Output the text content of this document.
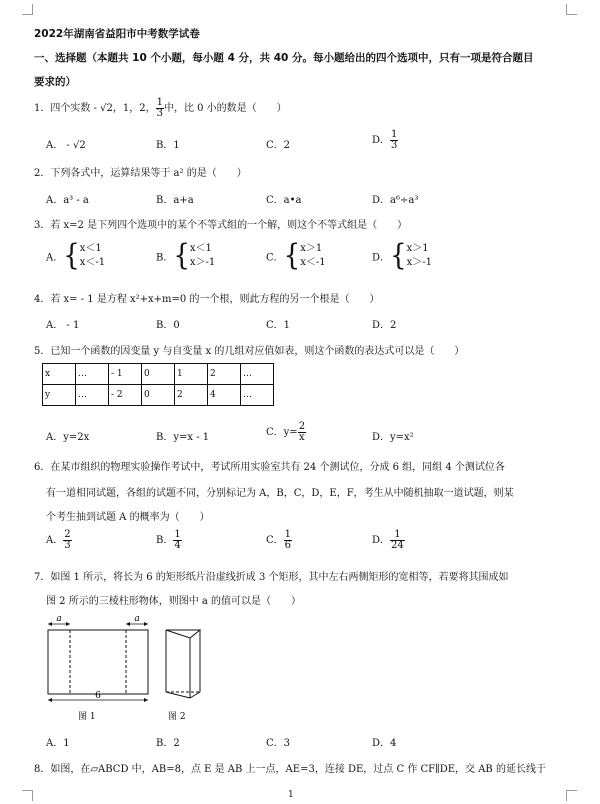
2022年湖南省益阳市中考数学试卷
一、选择题（本题共 10 个小题，每小题 4 分，共 40 分。每小题给出的四个选项中，只有一项是符合题目
要求的）
1．四个实数 - √2，1，2， $\frac{1}{3}$ 中，比 0 小的数是（　　）
A． - √2	B．1	C．2	D． $\frac{1}{3}$
2．下列各式中，运算结果等于 a² 的是（　　）
A．a³ - a	B．a+a	C．a•a	D．a⁶÷a³
3．若 x=2 是下列四个选项中的某个不等式组的一个解，则这个不等式组是（　　）
A．{x＜1
x＜-1	B．{x＜1
x＞-1	C．{x＞1
x＜-1	D．{x＞1
x＞-1
4．若 x= - 1 是方程 x²+x+m=0 的一个根，则此方程的另一个根是（　　）
A． - 1	B．0	C．1	D．2
5．已知一个函数的因变量 y 与自变量 x 的几组对应值如表，则这个函数的表达式可以是（　　）
x	…	- 1	0	1	2	…
y	…	- 2	0	2	4	…
A．y=2x	B．y=x - 1	C．$y= \frac{2}{x}$	D．y=x²
6．在某市组织的物理实验操作考试中，考试所用实验室共有 24 个测试位，分成 6 组，同组 4 个测试位各
有一道相同试题，各组的试题不同，分别标记为 A，B，C，D，E，F，考生从中随机抽取一道试题，则某
个考生抽到试题 A 的概率为（　　）
A． $\frac{2}{3}$	B． $\frac{1}{4}$	C． $\frac{1}{6}$	D． $\frac{1}{24}$
7．如图 1 所示，将长为 6 的矩形纸片沿虚线折成 3 个矩形，其中左右两侧矩形的宽相等，若要将其围成如
图 2 所示的三棱柱形物体，则图中 a 的值可以是（　　）
a	a
6
图 1	图 2
A．1	B．2	C．3	D．4
8．如图，在▱ABCD 中，AB=8，点 E 是 AB 上一点，AE=3，连接 DE，过点 C 作 CF∥DE，交 AB 的延长线于
1
